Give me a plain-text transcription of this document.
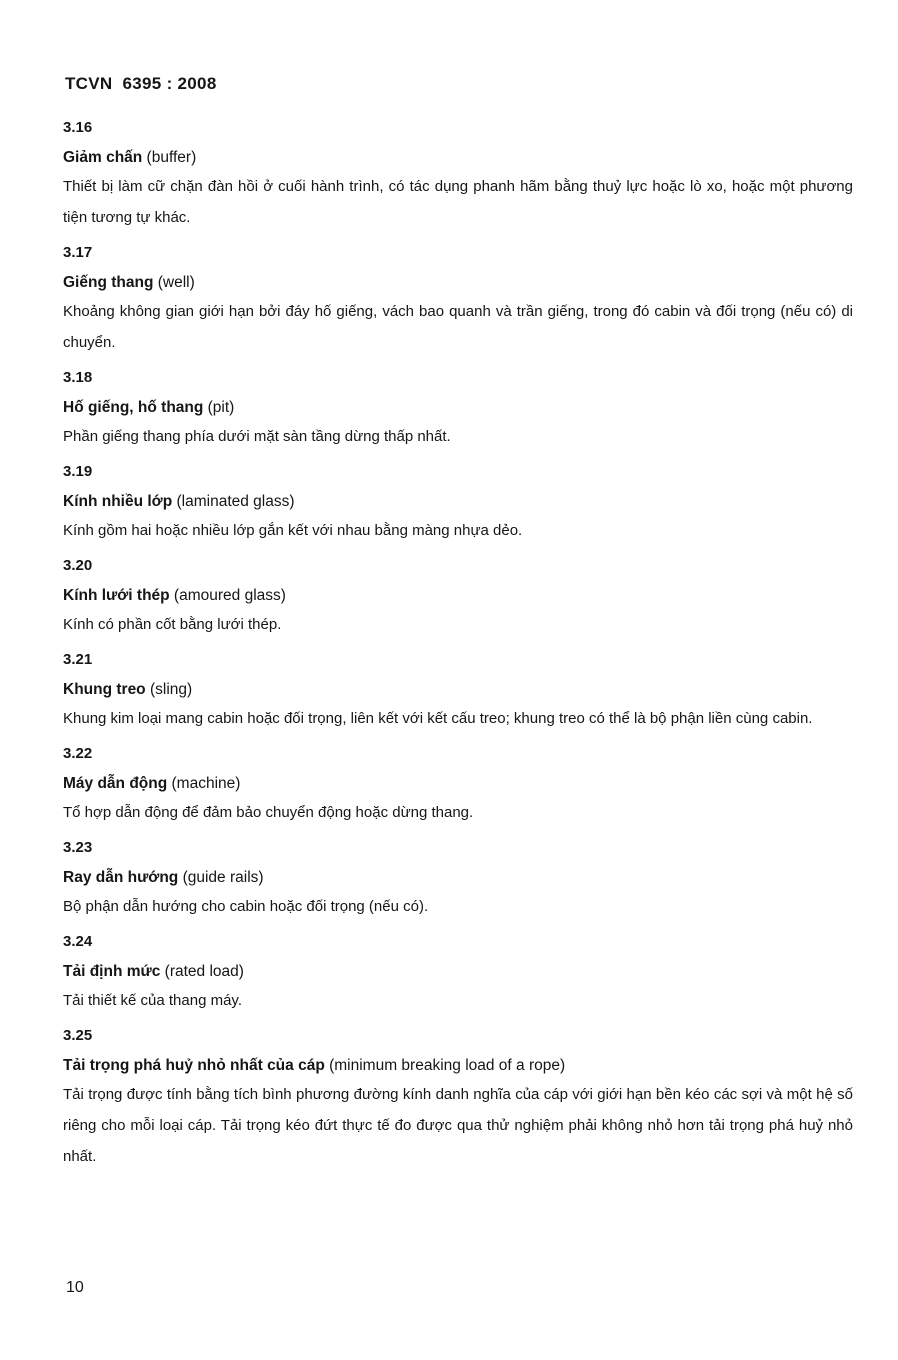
TCVN  6395 : 2008
3.16
Giảm chấn (buffer)
Thiết bị làm cữ chặn đàn hồi ở cuối hành trình, có tác dụng phanh hãm bằng thuỷ lực hoặc lò xo, hoặc một phương tiện tương tự khác.
3.17
Giếng thang (well)
Khoảng không gian giới hạn bởi đáy hố giếng, vách bao quanh và trần giếng, trong đó cabin và đối trọng (nếu có) di chuyển.
3.18
Hố giếng, hố thang (pit)
Phần giếng thang phía dưới mặt sàn tầng dừng thấp nhất.
3.19
Kính nhiều lớp (laminated glass)
Kính gồm hai hoặc nhiều lớp gắn kết với nhau bằng màng nhựa dẻo.
3.20
Kính lưới thép (amoured glass)
Kính có phần cốt bằng lưới thép.
3.21
Khung treo (sling)
Khung kim loại mang cabin hoặc đối trọng, liên kết với kết cấu treo; khung treo có thể là bộ phận liền cùng cabin.
3.22
Máy dẫn động (machine)
Tổ hợp dẫn động để đảm bảo chuyển động hoặc dừng thang.
3.23
Ray dẫn hướng (guide rails)
Bộ phận dẫn hướng cho cabin hoặc đối trọng (nếu có).
3.24
Tải định mức (rated load)
Tải thiết kế của thang máy.
3.25
Tải trọng phá huỷ nhỏ nhất của cáp (minimum breaking load of a rope)
Tải trọng được tính bằng tích bình phương đường kính danh nghĩa của cáp với giới hạn bền kéo các sợi và một hệ số riêng cho mỗi loại cáp. Tải trọng kéo đứt thực tế đo được qua thử nghiệm phải không nhỏ hơn tải trọng phá huỷ nhỏ nhất.
10
